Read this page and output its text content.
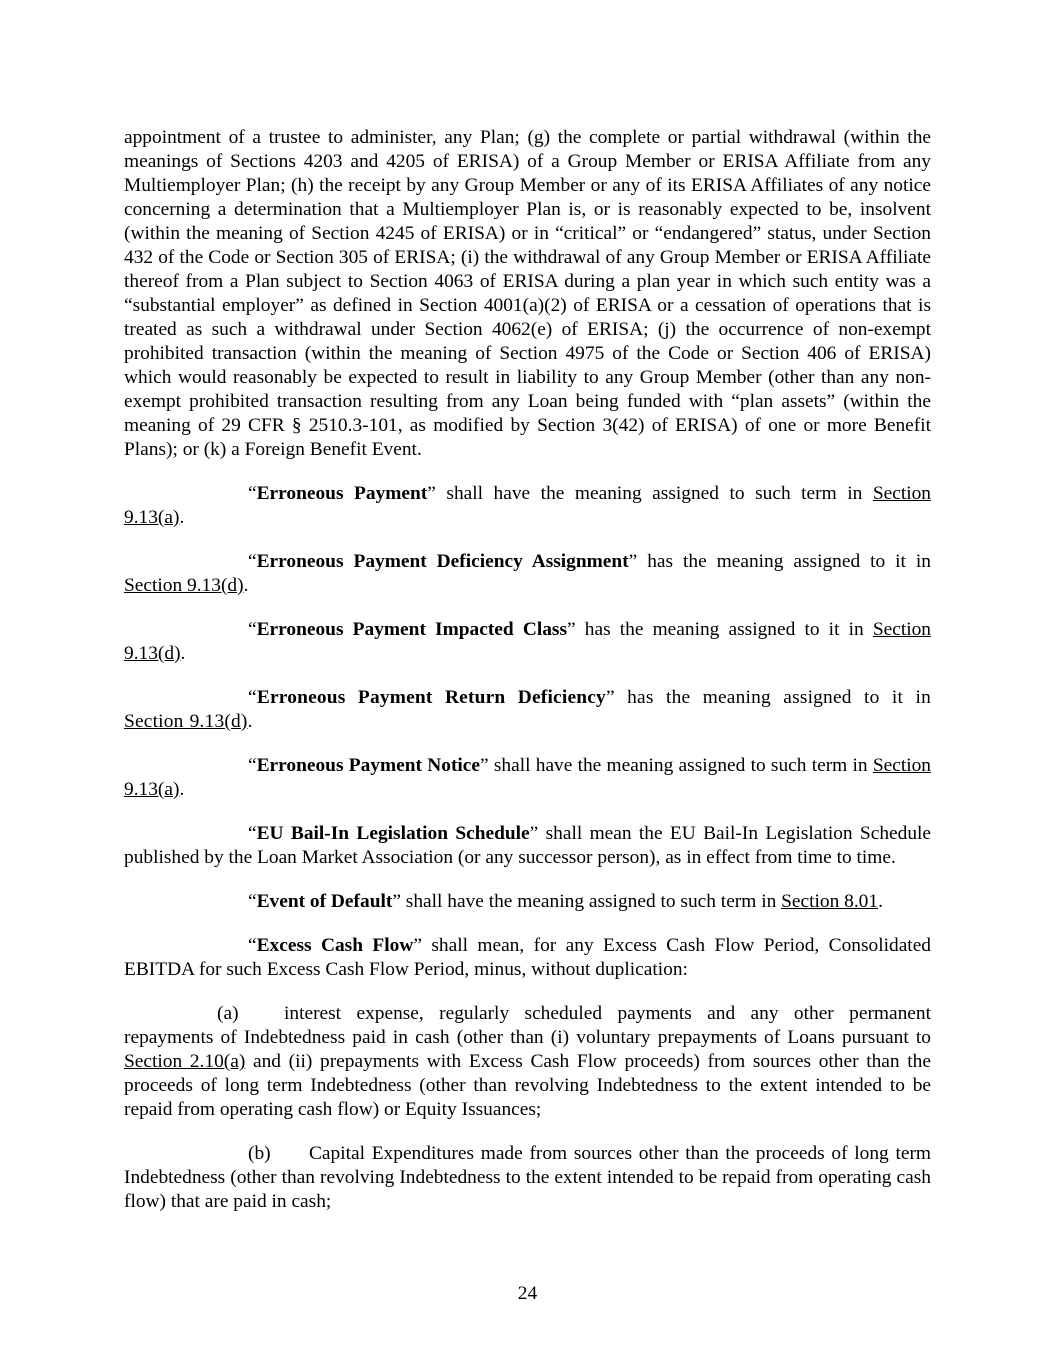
appointment of a trustee to administer, any Plan; (g) the complete or partial withdrawal (within the meanings of Sections 4203 and 4205 of ERISA) of a Group Member or ERISA Affiliate from any Multiemployer Plan; (h) the receipt by any Group Member or any of its ERISA Affiliates of any notice concerning a determination that a Multiemployer Plan is, or is reasonably expected to be, insolvent (within the meaning of Section 4245 of ERISA) or in “critical” or “endangered” status, under Section 432 of the Code or Section 305 of ERISA; (i) the withdrawal of any Group Member or ERISA Affiliate thereof from a Plan subject to Section 4063 of ERISA during a plan year in which such entity was a “substantial employer” as defined in Section 4001(a)(2) of ERISA or a cessation of operations that is treated as such a withdrawal under Section 4062(e) of ERISA; (j) the occurrence of non-exempt prohibited transaction (within the meaning of Section 4975 of the Code or Section 406 of ERISA) which would reasonably be expected to result in liability to any Group Member (other than any non-exempt prohibited transaction resulting from any Loan being funded with “plan assets” (within the meaning of 29 CFR § 2510.3-101, as modified by Section 3(42) of ERISA) of one or more Benefit Plans); or (k) a Foreign Benefit Event.

“Erroneous Payment” shall have the meaning assigned to such term in Section 9.13(a).

“Erroneous Payment Deficiency Assignment” has the meaning assigned to it in Section 9.13(d).

“Erroneous Payment Impacted Class” has the meaning assigned to it in Section 9.13(d).

“Erroneous Payment Return Deficiency” has the meaning assigned to it in Section 9.13(d).

“Erroneous Payment Notice” shall have the meaning assigned to such term in Section 9.13(a).

“EU Bail-In Legislation Schedule” shall mean the EU Bail-In Legislation Schedule published by the Loan Market Association (or any successor person), as in effect from time to time.

“Event of Default” shall have the meaning assigned to such term in Section 8.01.

“Excess Cash Flow” shall mean, for any Excess Cash Flow Period, Consolidated EBITDA for such Excess Cash Flow Period, minus, without duplication:

(a) interest expense, regularly scheduled payments and any other permanent repayments of Indebtedness paid in cash (other than (i) voluntary prepayments of Loans pursuant to Section 2.10(a) and (ii) prepayments with Excess Cash Flow proceeds) from sources other than the proceeds of long term Indebtedness (other than revolving Indebtedness to the extent intended to be repaid from operating cash flow) or Equity Issuances;

(b) Capital Expenditures made from sources other than the proceeds of long term Indebtedness (other than revolving Indebtedness to the extent intended to be repaid from operating cash flow) that are paid in cash;

24
